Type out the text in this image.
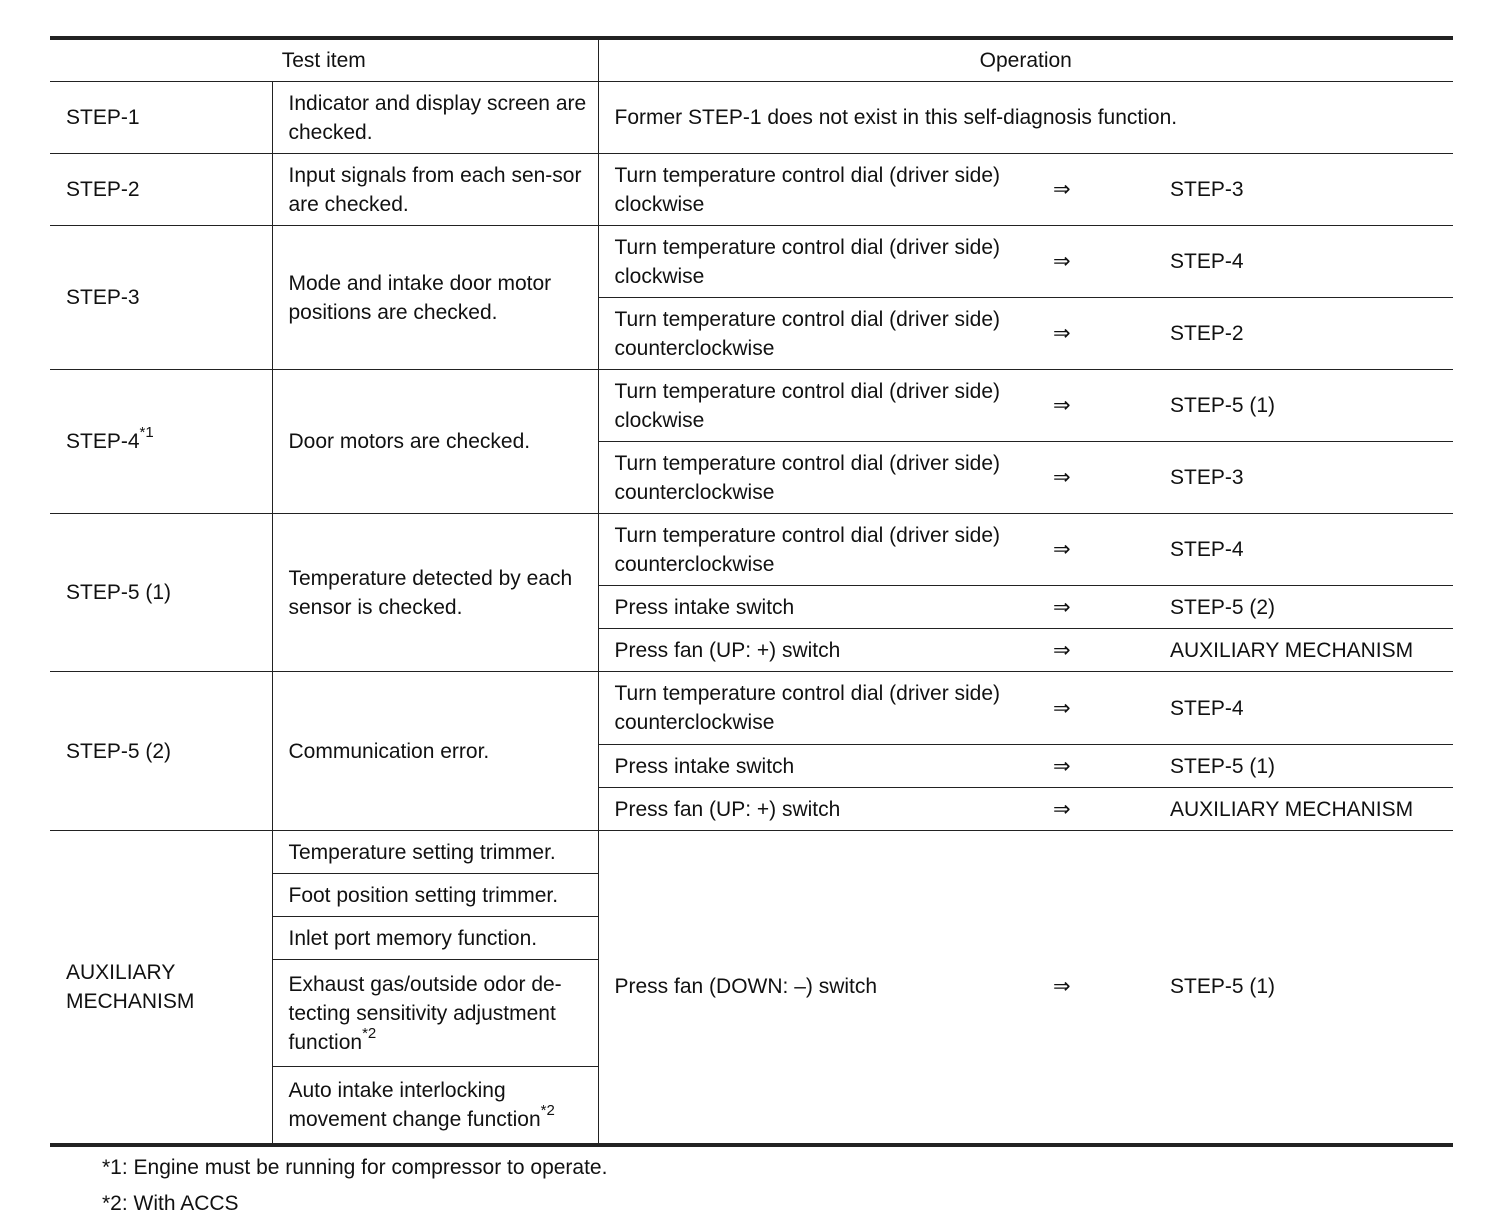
Test item		Operation		
STEP-1	Indicator and display screen are checked.	Former STEP-1 does not exist in this self-diagnosis function.		
STEP-2	Input signals from each sen-sor are checked.	Turn temperature control dial (driver side) clockwise	⇒	STEP-3
STEP-3	Mode and intake door motor positions are checked.	Turn temperature control dial (driver side) clockwise	⇒	STEP-4
		Turn temperature control dial (driver side) counterclockwise	⇒	STEP-2
STEP-4$^{*1}$	Door motors are checked.	Turn temperature control dial (driver side) clockwise	⇒	STEP-5 (1)
		Turn temperature control dial (driver side) counterclockwise	⇒	STEP-3
STEP-5 (1)	Temperature detected by each sensor is checked.	Turn temperature control dial (driver side) counterclockwise	⇒	STEP-4
		Press intake switch	⇒	STEP-5 (2)
		Press fan (UP: +) switch	⇒	AUXILIARY MECHANISM
STEP-5 (2)	Communication error.	Turn temperature control dial (driver side) counterclockwise	⇒	STEP-4
		Press intake switch	⇒	STEP-5 (1)
		Press fan (UP: +) switch	⇒	AUXILIARY MECHANISM
AUXILIARY MECHANISM	Temperature setting trimmer.	Press fan (DOWN: –) switch	⇒	STEP-5 (1)
	Foot position setting trimmer.			
	Inlet port memory function.			
	Exhaust gas/outside odor de-tecting sensitivity adjustment function$^{*2}$
	Auto intake interlocking movement change function$^{*2}$
*1: Engine must be running for compressor to operate.
*2: With ACCS
